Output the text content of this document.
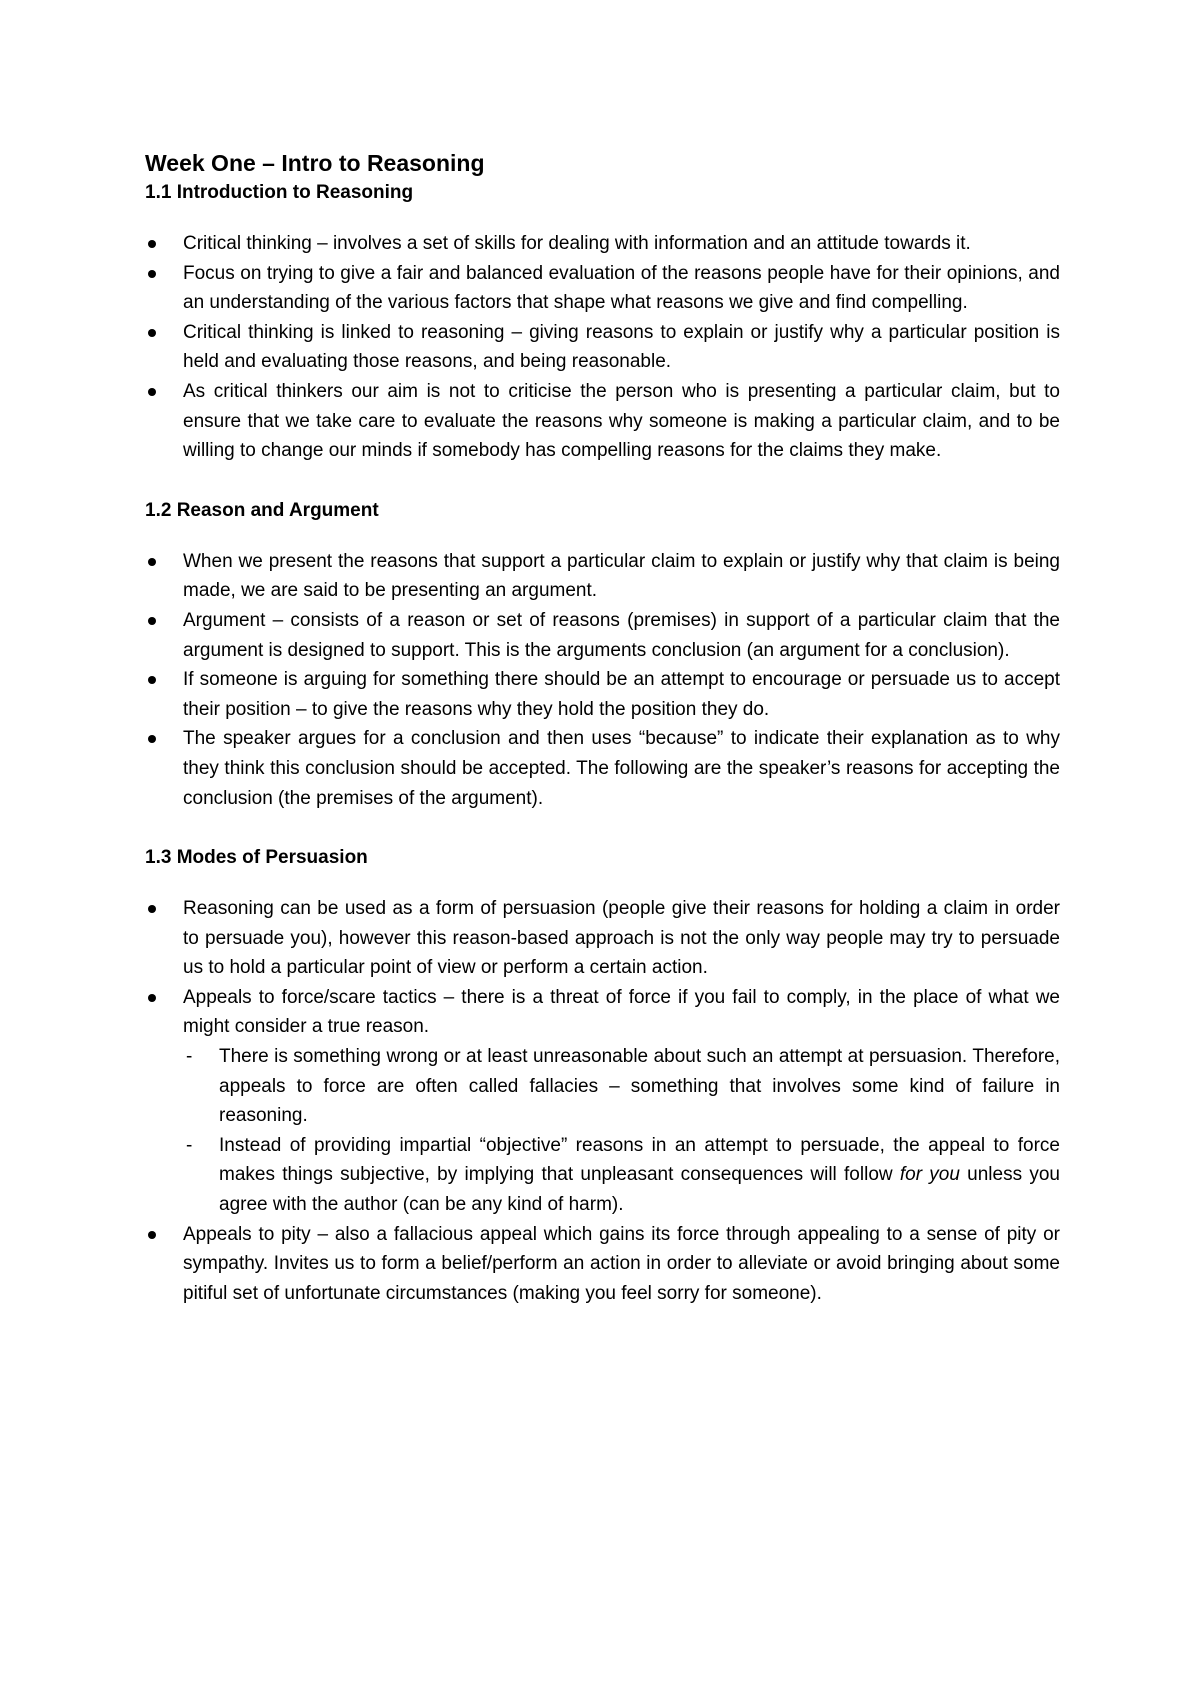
Week One – Intro to Reasoning
1.1 Introduction to Reasoning
Critical thinking – involves a set of skills for dealing with information and an attitude towards it.
Focus on trying to give a fair and balanced evaluation of the reasons people have for their opinions, and an understanding of the various factors that shape what reasons we give and find compelling.
Critical thinking is linked to reasoning – giving reasons to explain or justify why a particular position is held and evaluating those reasons, and being reasonable.
As critical thinkers our aim is not to criticise the person who is presenting a particular claim, but to ensure that we take care to evaluate the reasons why someone is making a particular claim, and to be willing to change our minds if somebody has compelling reasons for the claims they make.
1.2 Reason and Argument
When we present the reasons that support a particular claim to explain or justify why that claim is being made, we are said to be presenting an argument.
Argument – consists of a reason or set of reasons (premises) in support of a particular claim that the argument is designed to support. This is the arguments conclusion (an argument for a conclusion).
If someone is arguing for something there should be an attempt to encourage or persuade us to accept their position – to give the reasons why they hold the position they do.
The speaker argues for a conclusion and then uses “because” to indicate their explanation as to why they think this conclusion should be accepted. The following are the speaker’s reasons for accepting the conclusion (the premises of the argument).
1.3 Modes of Persuasion
Reasoning can be used as a form of persuasion (people give their reasons for holding a claim in order to persuade you), however this reason-based approach is not the only way people may try to persuade us to hold a particular point of view or perform a certain action.
Appeals to force/scare tactics – there is a threat of force if you fail to comply, in the place of what we might consider a true reason.
- There is something wrong or at least unreasonable about such an attempt at persuasion. Therefore, appeals to force are often called fallacies – something that involves some kind of failure in reasoning.
- Instead of providing impartial “objective” reasons in an attempt to persuade, the appeal to force makes things subjective, by implying that unpleasant consequences will follow for you unless you agree with the author (can be any kind of harm).
Appeals to pity – also a fallacious appeal which gains its force through appealing to a sense of pity or sympathy. Invites us to form a belief/perform an action in order to alleviate or avoid bringing about some pitiful set of unfortunate circumstances (making you feel sorry for someone).
